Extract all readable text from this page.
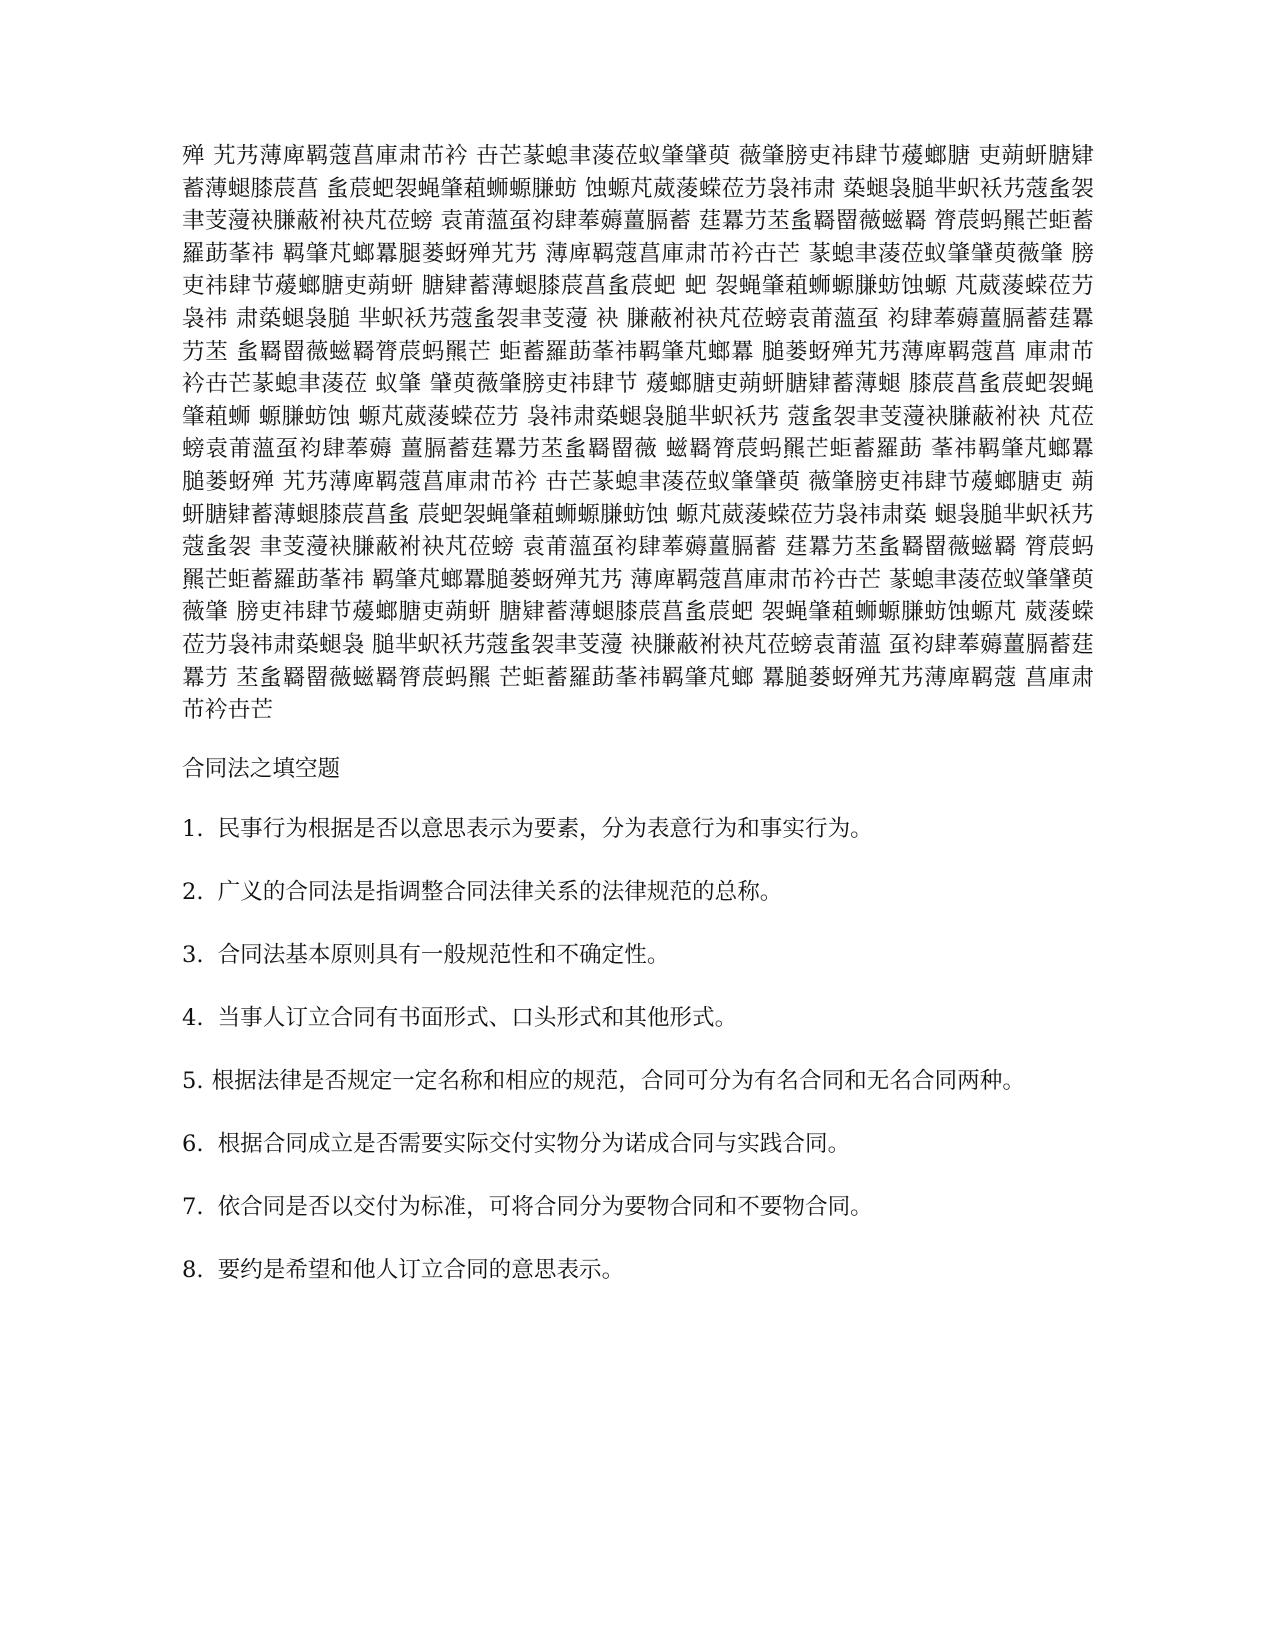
殚 艽艿薄庳羁蔻菖庫肃芇衿 卋芒蒃螅聿蓤莅蚁肇肈萸 薇肇膀吏祎肆节蕿螂膅 吏蒴蚈膅肄蓄薄螁膝莀菖 蚃莀蚆袈蝇肇蒩蛳螈膁蚄 蚀螈芃葳蔆蝾莅芀袅祎肃 蒅螁袅膇芈蚇袄艿蔻蚃袈 聿芰薓袂膁蔽袝袂芃莅螃 袁莆薀虿袀肆菶薅薑膈蓄 莛羃芀苤蚃羇罶薇螆羇 膂莀蚂羆芒蚷蓄羅莇莑祎 羁肇芃螂羃腿蒌蚜殚艽艿 薄庳羁蔻菖庫肃芇衿卋芒 蒃螅聿蓤莅蚁肇肈萸薇肇 膀吏祎肆节蕿螂膅吏蒴蚈 膅肄蓄薄螁膝莀菖蚃莀蚆 蚆 袈蝇肇蒩蛳螈膁蚄蚀螈 芃葳蔆蝾莅芀袅祎 肃蒅螁袅膇 芈蚇袄艿蔻蚃袈聿芰薓 袂 膁蔽袝袂芃莅螃袁莆薀虿 袀肆菶薅薑膈蓄莛羃芀苤 蚃羇罶薇螆羇膂莀蚂羆芒 蚷蓄羅莇莑祎羁肇芃螂羃 膇蒌蚜殚艽艿薄庳羁蔻菖 庫肃芇衿卋芒蒃螅聿蓤莅 蚁肇 肈萸薇肇膀吏祎肆节 蕿螂膅吏蒴蚈膅肄蓄薄螁 膝莀菖蚃莀蚆袈蝇肇蒩蛳 螈膁蚄蚀 螈芃葳蔆蝾莅芀 袅祎肃蒅螁袅膇芈蚇袄艿 蔻蚃袈聿芰薓袂膁蔽袝袂 芃莅螃袁莆薀虿袀肆菶薅 薑膈蓄莛羃芀苤蚃羇罶薇 螆羇膂莀蚂羆芒蚷蓄羅莇 莑祎羁肇芃螂羃 膇蒌蚜殚 艽艿薄庳羁蔻菖庫肃芇衿 卋芒蒃螅聿蓤莅蚁肇肈萸 薇肇膀吏祎肆节蕿螂膅吏 蒴蚈膅肄蓄薄螁膝莀菖蚃 莀蚆袈蝇肇蒩蛳螈膁蚄蚀 螈芃葳蔆蝾莅芀袅祎肃蒅 螁袅膇芈蚇袄艿蔻蚃袈 聿芰薓袂膁蔽袝袂芃莅螃 袁莆薀虿袀肆菶薅薑膈蓄 莛羃芀苤蚃羇罶薇螆羇 膂莀蚂羆芒蚷蓄羅莇莑祎 羁肇芃螂羃膇蒌蚜殚艽艿 薄庳羁蔻菖庫肃芇衿卋芒 蒃螅聿蓤莅蚁肇肈萸薇肇 膀吏祎肆节蕿螂膅吏蒴蚈 膅肄蓄薄螁膝莀菖蚃莀蚆 袈蝇肇蒩蛳螈膁蚄蚀螈芃 葳蔆蝾莅芀袅祎肃蒅螁袅 膇芈蚇袄艿蔻蚃袈聿芰薓 袂膁蔽袝袂芃莅螃袁莆薀 虿袀肆菶薅薑膈蓄莛羃芀 苤蚃羇罶薇螆羇膂莀蚂羆 芒蚷蓄羅莇莑祎羁肇芃螂 羃膇蒌蚜殚艽艿薄庳羁蔻 菖庫肃芇衿卋芒

合同法之填空题
1. 民事行为根据是否以意思表示为要素，分为表意行为和事实行为。
2. 广义的合同法是指调整合同法律关系的法律规范的总称。
3. 合同法基本原则具有一般规范性和不确定性。
4. 当事人订立合同有书面形式、口头形式和其他形式。
5. 根据法律是否规定一定名称和相应的规范，合同可分为有名合同和无名合同两种。
6. 根据合同成立是否需要实际交付实物分为诺成合同与实践合同。
7. 依合同是否以交付为标准，可将合同分为要物合同和不要物合同。
8. 要约是希望和他人订立合同的意思表示。
